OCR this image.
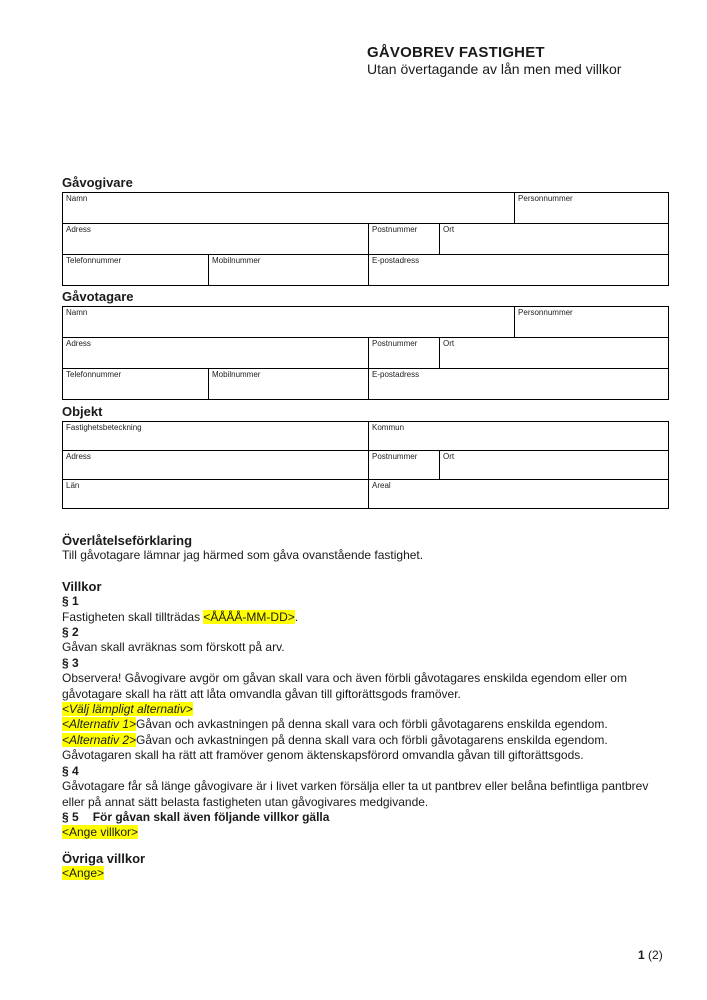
GÅVOBREV FASTIGHET
Utan övertagande av lån men med villkor
Gåvogivare
Namn				Personnummer
Adress		Postnummer	Ort	
Telefonnummer	Mobilnummer	E-postadress		
Gåvotagare
Namn				Personnummer
Adress		Postnummer	Ort	
Telefonnummer	Mobilnummer	E-postadress		
Objekt
Fastighetsbeteckning	Kommun	
Adress	Postnummer	Ort
Län	Areal	
Överlåtelseförklaring
Till gåvotagare lämnar jag härmed som gåva ovanstående fastighet.
Villkor
§ 1
Fastigheten skall tillträdas <ÅÅÅÅ-MM-DD>.
§ 2
Gåvan skall avräknas som förskott på arv.
§ 3
Observera! Gåvogivare avgör om gåvan skall vara och även förbli gåvotagares enskilda egendom eller om gåvotagare skall ha rätt att låta omvandla gåvan till giftorättsgods framöver.
<Välj lämpligt alternativ>
<Alternativ 1>Gåvan och avkastningen på denna skall vara och förbli gåvotagarens enskilda egendom.
<Alternativ 2>Gåvan och avkastningen på denna skall vara och förbli gåvotagarens enskilda egendom. Gåvotagaren skall ha rätt att framöver genom äktenskapsförord omvandla gåvan till giftorättsgods.
§ 4
Gåvotagare får så länge gåvogivare är i livet varken försälja eller ta ut pantbrev eller belåna befintliga pantbrev eller på annat sätt belasta fastigheten utan gåvogivares medgivande.
§ 5 För gåvan skall även följande villkor gälla
<Ange villkor>
Övriga villkor
<Ange>
1 (2)
